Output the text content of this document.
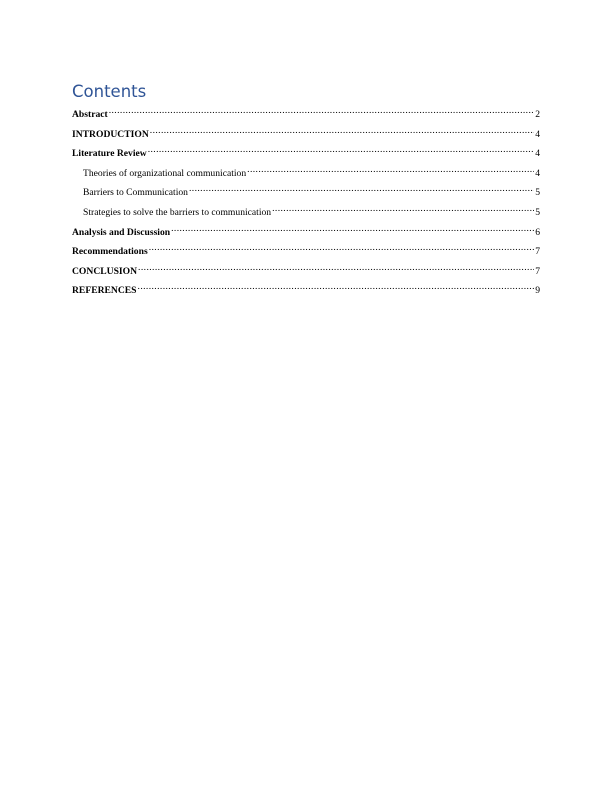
Contents
Abstract .....	2
INTRODUCTION .....	4
Literature Review .....	4
Theories of organizational communication .....	4
Barriers to Communication .....	5
Strategies to solve the barriers to communication .....	5
Analysis and Discussion .....	6
Recommendations .....	7
CONCLUSION .....	7
REFERENCES .....	9
